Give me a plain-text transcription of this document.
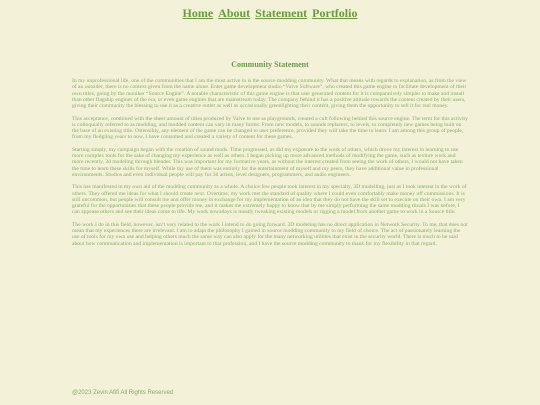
Home About Statement Portfolio
Community Statement

In my unprofessional life, one of the communities that I am the most active in is the source modding community. What that means with regards to explanation, as from the view of an outsider, there is no context given from the name alone. Enter game development studio “Valve Software”, who created this game engine to facilitate development of their own titles, going by the moniker “Source Engine”. A notable characteristic of this game engine is that user generated content for it is comparatively simpler to make and install than other flagship engines of the era, or even game engines that are mainstream today. The company behind it has a positive attitude towards the content created by their users, giving their community the blessing to use it as a creative outlet as well as occasionally greenlighting their content, giving them the opportunity to sell it for real money.

This acceptance, combined with the sheer amount of titles produced by Valve to use as playgrounds, created a cult following behind this source engine. The term for this activity is colloquially referred to as modding, and modded content can vary in many forms. From new models, to sounds replacers, to levels, to completely new games being built on the base of an existing title. Ostensibly, any element of the game can be changed to user preference, provided they will take the time to learn. I am among this group of people, from my fledgling years to now, I have consumed and created a variety of content for these games.

Starting simply, my campaign began with the creation of sound mods. Time progressed, as did my exposure to the work of others, which drove my interest in learning to use more complex tools for the sake of changing my experience as well as others. I began picking up more advanced methods of modifying the game, such as texture work and more recently, 3d modeling through blender. This was important for my formative years, as without the interest created from seeing the work of others, I would not have taken the time to learn these skills for myself. While my use of them was entirely for the entertainment of myself and my peers, they have additional value in professional environments. Studios and even individual people will pay for 3d artists, level designers, programmers, and audio engineers.

This has manifested in my own aid of the modding community as a whole. A choice few people took interest in my specialty, 3D modelling, just as I took interest in the work of others. They offered me ideas for what I should create next. Overtime, my work met the standard of quality where I could even comfortably make money off commissions. It is still uncommon, but people will consult me and offer money in exchange for my implementation of an idea that they do not have the skill set to execute on their own. I am very grateful for the opportunities that these people provide me, and it makes me extremely happy to know that by me simply performing the same modding rituals I was before, I can appease others and see their ideas come to life. My work nowadays is mostly tweaking existing models or rigging a model from another game to work in a Source title.

The work I do in this field, however, isn’t very related to the work I intend to do going forward. 3D modeling has no direct application in Network Security. To me, that does not mean that my experiences there are irrelevant. I am to adapt the philosophy I gained in source modding community to my field of choice. The act of passionately learning the use of tools for my own use and helping others much the same way can also apply for the many networking utilities that exist in the security world. There is much to be said about how communication and implementation is important to that profession, and I have the source modding community to thank for my flexibility in that regard.

@2023 Zevin Afifi All Rights Reserved
